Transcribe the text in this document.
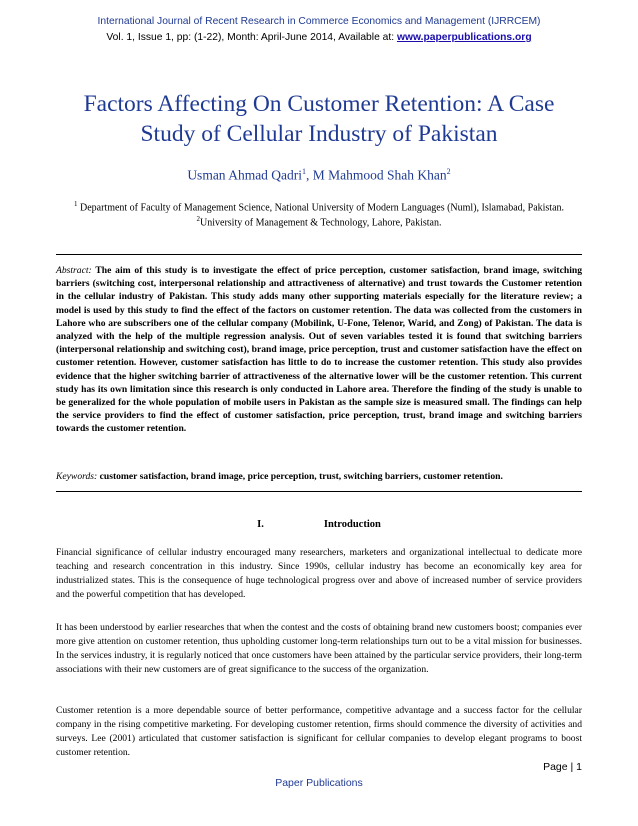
International Journal of Recent Research in Commerce Economics and Management (IJRRCEM)
Vol. 1, Issue 1, pp: (1-22), Month: April-June 2014, Available at: www.paperpublications.org
Factors Affecting On Customer Retention: A Case
Study of Cellular Industry of Pakistan
Usman Ahmad Qadri$^1$, M Mahmood Shah Khan$^2$
$^1$ Department of Faculty of Management Science, National University of Modern Languages (Numl), Islamabad, Pakistan.
$^2$University of Management & Technology, Lahore, Pakistan.
Abstract: The aim of this study is to investigate the effect of price perception, customer satisfaction, brand image, switching barriers (switching cost, interpersonal relationship and attractiveness of alternative) and trust towards the Customer retention in the cellular industry of Pakistan. This study adds many other supporting materials especially for the literature review; a model is used by this study to find the effect of the factors on customer retention. The data was collected from the customers in Lahore who are subscribers one of the cellular company (Mobilink, U-Fone, Telenor, Warid, and Zong) of Pakistan. The data is analyzed with the help of the multiple regression analysis. Out of seven variables tested it is found that switching barriers (interpersonal relationship and switching cost), brand image, price perception, trust and customer satisfaction have the effect on customer retention. However, customer satisfaction has little to do to increase the customer retention. This study also provides evidence that the higher switching barrier of attractiveness of the alternative lower will be the customer retention. This current study has its own limitation since this research is only conducted in Lahore area. Therefore the finding of the study is unable to be generalized for the whole population of mobile users in Pakistan as the sample size is measured small. The findings can help the service providers to find the effect of customer satisfaction, price perception, trust, brand image and switching barriers towards the customer retention.
Keywords: customer satisfaction, brand image, price perception, trust, switching barriers, customer retention.
I.	Introduction
Financial significance of cellular industry encouraged many researchers, marketers and organizational intellectual to dedicate more teaching and research concentration in this industry. Since 1990s, cellular industry has become an economically key area for industrialized states. This is the consequence of huge technological progress over and above of increased number of service providers and the powerful competition that has developed.
It has been understood by earlier researches that when the contest and the costs of obtaining brand new customers boost; companies ever more give attention on customer retention, thus upholding customer long-term relationships turn out to be a vital mission for businesses. In the services industry, it is regularly noticed that once customers have been attained by the particular service providers, their long-term associations with their new customers are of great significance to the success of the organization.
Customer retention is a more dependable source of better performance, competitive advantage and a success factor for the cellular company in the rising competitive marketing. For developing customer retention, firms should commence the diversity of activities and surveys. Lee (2001) articulated that customer satisfaction is significant for cellular companies to develop elegant programs to boost customer retention.
Page | 1
Paper Publications
